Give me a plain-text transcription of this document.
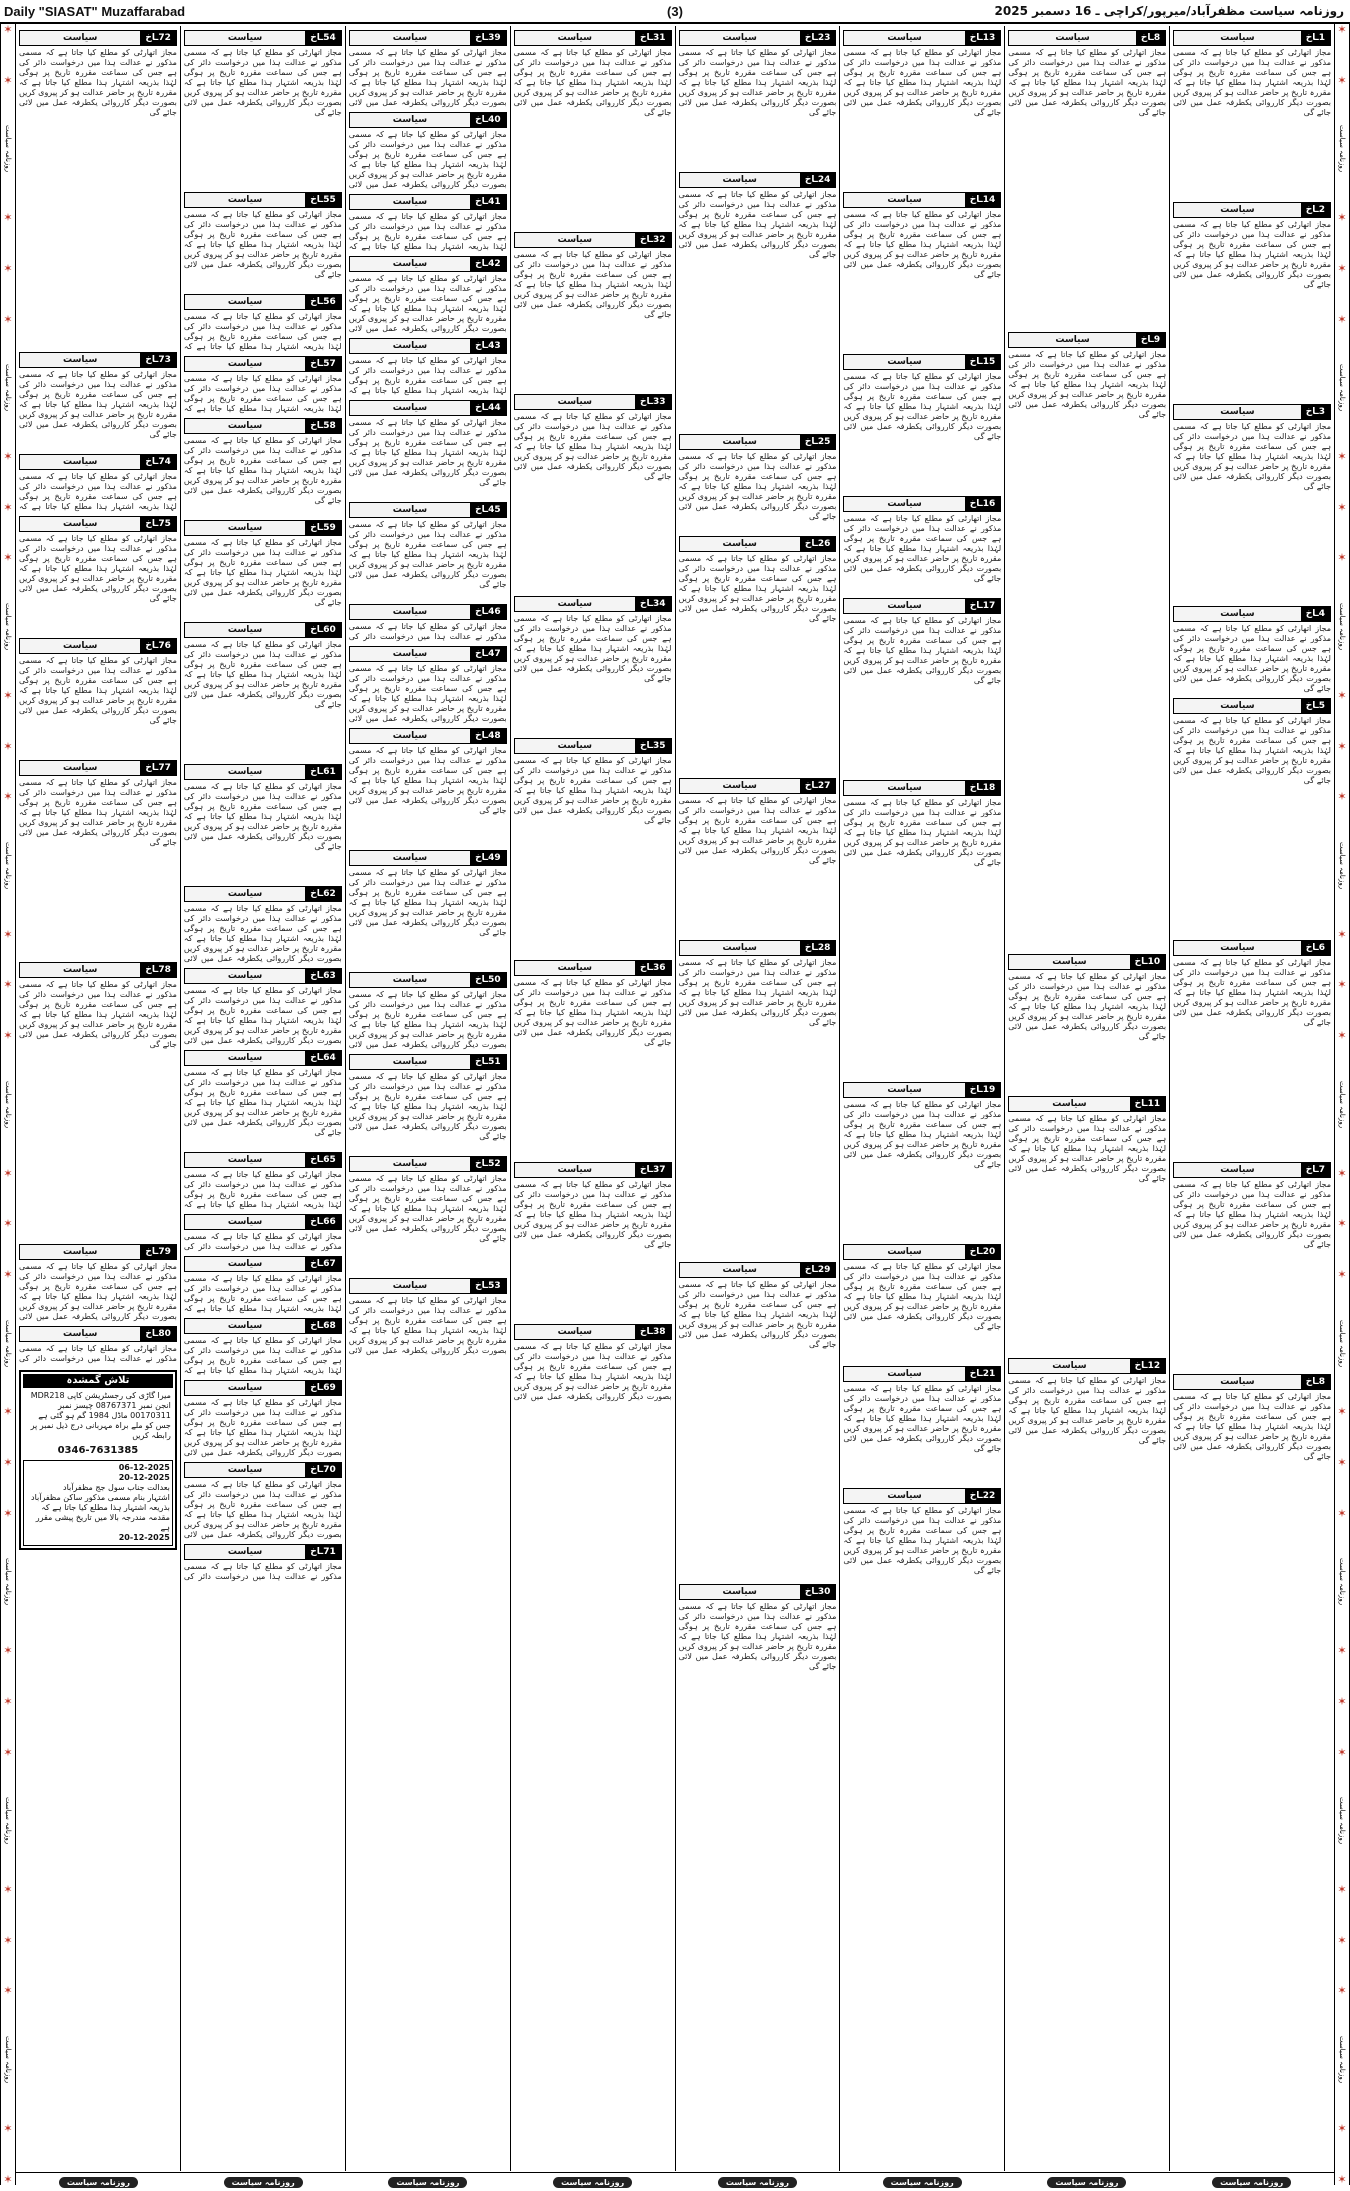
Daily "SIASAT" Muzaffarabad	(3)	روزنامہ سیاست مظفرآباد/میرپور/کراچی ـ 16 دسمبر 2025
✶
✶
روزنامہ سیاست
✶
✶
✶
روزنامہ سیاست
✶
✶
✶
روزنامہ سیاست
✶
✶
✶
روزنامہ سیاست
✶
✶
✶
روزنامہ سیاست
✶
✶
✶
روزنامہ سیاست
✶
✶
✶
روزنامہ سیاست
✶
✶
✶
روزنامہ سیاست
✶
✶
✶
روزنامہ سیاست
✶
✶
✶
✶
روزنامہ سیاست
✶
✶
✶
روزنامہ سیاست
✶
✶
✶
روزنامہ سیاست
✶
✶
✶
روزنامہ سیاست
✶
✶
✶
روزنامہ سیاست
✶
✶
✶
روزنامہ سیاست
✶
✶
✶
روزنامہ سیاست
✶
✶
✶
روزنامہ سیاست
✶
✶
✶
روزنامہ سیاست
✶
✶
سیاست	1ـاخ
مجاز اتھارٹی کو مطلع کیا جاتا ہے کہ مسمی مذکور نے عدالت ہذا میں درخواست دائر کی ہے جس کی سماعت مقررہ تاریخ پر ہوگی لہٰذا بذریعہ اشتہار ہذا مطلع کیا جاتا ہے کہ مقررہ تاریخ پر حاضر عدالت ہو کر پیروی کریں بصورت دیگر کارروائی یکطرفہ عمل میں لائی جائے گی
سیاست	2ـاخ
مجاز اتھارٹی کو مطلع کیا جاتا ہے کہ مسمی مذکور نے عدالت ہذا میں درخواست دائر کی ہے جس کی سماعت مقررہ تاریخ پر ہوگی لہٰذا بذریعہ اشتہار ہذا مطلع کیا جاتا ہے کہ مقررہ تاریخ پر حاضر عدالت ہو کر پیروی کریں بصورت دیگر کارروائی یکطرفہ عمل میں لائی جائے گی
سیاست	3ـاخ
مجاز اتھارٹی کو مطلع کیا جاتا ہے کہ مسمی مذکور نے عدالت ہذا میں درخواست دائر کی ہے جس کی سماعت مقررہ تاریخ پر ہوگی لہٰذا بذریعہ اشتہار ہذا مطلع کیا جاتا ہے کہ مقررہ تاریخ پر حاضر عدالت ہو کر پیروی کریں بصورت دیگر کارروائی یکطرفہ عمل میں لائی جائے گی
سیاست	4ـاخ
مجاز اتھارٹی کو مطلع کیا جاتا ہے کہ مسمی مذکور نے عدالت ہذا میں درخواست دائر کی ہے جس کی سماعت مقررہ تاریخ پر ہوگی لہٰذا بذریعہ اشتہار ہذا مطلع کیا جاتا ہے کہ مقررہ تاریخ پر حاضر عدالت ہو کر پیروی کریں بصورت دیگر کارروائی یکطرفہ عمل میں لائی جائے گی
سیاست	5ـاخ
مجاز اتھارٹی کو مطلع کیا جاتا ہے کہ مسمی مذکور نے عدالت ہذا میں درخواست دائر کی ہے جس کی سماعت مقررہ تاریخ پر ہوگی لہٰذا بذریعہ اشتہار ہذا مطلع کیا جاتا ہے کہ مقررہ تاریخ پر حاضر عدالت ہو کر پیروی کریں بصورت دیگر کارروائی یکطرفہ عمل میں لائی جائے گی
سیاست	6ـاخ
مجاز اتھارٹی کو مطلع کیا جاتا ہے کہ مسمی مذکور نے عدالت ہذا میں درخواست دائر کی ہے جس کی سماعت مقررہ تاریخ پر ہوگی لہٰذا بذریعہ اشتہار ہذا مطلع کیا جاتا ہے کہ مقررہ تاریخ پر حاضر عدالت ہو کر پیروی کریں بصورت دیگر کارروائی یکطرفہ عمل میں لائی جائے گی
سیاست	7ـاخ
مجاز اتھارٹی کو مطلع کیا جاتا ہے کہ مسمی مذکور نے عدالت ہذا میں درخواست دائر کی ہے جس کی سماعت مقررہ تاریخ پر ہوگی لہٰذا بذریعہ اشتہار ہذا مطلع کیا جاتا ہے کہ مقررہ تاریخ پر حاضر عدالت ہو کر پیروی کریں بصورت دیگر کارروائی یکطرفہ عمل میں لائی جائے گی
سیاست	8ـاخ
مجاز اتھارٹی کو مطلع کیا جاتا ہے کہ مسمی مذکور نے عدالت ہذا میں درخواست دائر کی ہے جس کی سماعت مقررہ تاریخ پر ہوگی لہٰذا بذریعہ اشتہار ہذا مطلع کیا جاتا ہے کہ مقررہ تاریخ پر حاضر عدالت ہو کر پیروی کریں بصورت دیگر کارروائی یکطرفہ عمل میں لائی جائے گی
سیاست	8ـاخ
مجاز اتھارٹی کو مطلع کیا جاتا ہے کہ مسمی مذکور نے عدالت ہذا میں درخواست دائر کی ہے جس کی سماعت مقررہ تاریخ پر ہوگی لہٰذا بذریعہ اشتہار ہذا مطلع کیا جاتا ہے کہ مقررہ تاریخ پر حاضر عدالت ہو کر پیروی کریں بصورت دیگر کارروائی یکطرفہ عمل میں لائی جائے گی
سیاست	9ـاخ
مجاز اتھارٹی کو مطلع کیا جاتا ہے کہ مسمی مذکور نے عدالت ہذا میں درخواست دائر کی ہے جس کی سماعت مقررہ تاریخ پر ہوگی لہٰذا بذریعہ اشتہار ہذا مطلع کیا جاتا ہے کہ مقررہ تاریخ پر حاضر عدالت ہو کر پیروی کریں بصورت دیگر کارروائی یکطرفہ عمل میں لائی جائے گی
سیاست	10ـاخ
مجاز اتھارٹی کو مطلع کیا جاتا ہے کہ مسمی مذکور نے عدالت ہذا میں درخواست دائر کی ہے جس کی سماعت مقررہ تاریخ پر ہوگی لہٰذا بذریعہ اشتہار ہذا مطلع کیا جاتا ہے کہ مقررہ تاریخ پر حاضر عدالت ہو کر پیروی کریں بصورت دیگر کارروائی یکطرفہ عمل میں لائی جائے گی
سیاست	11ـاخ
مجاز اتھارٹی کو مطلع کیا جاتا ہے کہ مسمی مذکور نے عدالت ہذا میں درخواست دائر کی ہے جس کی سماعت مقررہ تاریخ پر ہوگی لہٰذا بذریعہ اشتہار ہذا مطلع کیا جاتا ہے کہ مقررہ تاریخ پر حاضر عدالت ہو کر پیروی کریں بصورت دیگر کارروائی یکطرفہ عمل میں لائی جائے گی
سیاست	12ـاخ
مجاز اتھارٹی کو مطلع کیا جاتا ہے کہ مسمی مذکور نے عدالت ہذا میں درخواست دائر کی ہے جس کی سماعت مقررہ تاریخ پر ہوگی لہٰذا بذریعہ اشتہار ہذا مطلع کیا جاتا ہے کہ مقررہ تاریخ پر حاضر عدالت ہو کر پیروی کریں بصورت دیگر کارروائی یکطرفہ عمل میں لائی جائے گی
سیاست	13ـاخ
مجاز اتھارٹی کو مطلع کیا جاتا ہے کہ مسمی مذکور نے عدالت ہذا میں درخواست دائر کی ہے جس کی سماعت مقررہ تاریخ پر ہوگی لہٰذا بذریعہ اشتہار ہذا مطلع کیا جاتا ہے کہ مقررہ تاریخ پر حاضر عدالت ہو کر پیروی کریں بصورت دیگر کارروائی یکطرفہ عمل میں لائی جائے گی
سیاست	14ـاخ
مجاز اتھارٹی کو مطلع کیا جاتا ہے کہ مسمی مذکور نے عدالت ہذا میں درخواست دائر کی ہے جس کی سماعت مقررہ تاریخ پر ہوگی لہٰذا بذریعہ اشتہار ہذا مطلع کیا جاتا ہے کہ مقررہ تاریخ پر حاضر عدالت ہو کر پیروی کریں بصورت دیگر کارروائی یکطرفہ عمل میں لائی جائے گی
سیاست	15ـاخ
مجاز اتھارٹی کو مطلع کیا جاتا ہے کہ مسمی مذکور نے عدالت ہذا میں درخواست دائر کی ہے جس کی سماعت مقررہ تاریخ پر ہوگی لہٰذا بذریعہ اشتہار ہذا مطلع کیا جاتا ہے کہ مقررہ تاریخ پر حاضر عدالت ہو کر پیروی کریں بصورت دیگر کارروائی یکطرفہ عمل میں لائی جائے گی
سیاست	16ـاخ
مجاز اتھارٹی کو مطلع کیا جاتا ہے کہ مسمی مذکور نے عدالت ہذا میں درخواست دائر کی ہے جس کی سماعت مقررہ تاریخ پر ہوگی لہٰذا بذریعہ اشتہار ہذا مطلع کیا جاتا ہے کہ مقررہ تاریخ پر حاضر عدالت ہو کر پیروی کریں بصورت دیگر کارروائی یکطرفہ عمل میں لائی جائے گی
سیاست	17ـاخ
مجاز اتھارٹی کو مطلع کیا جاتا ہے کہ مسمی مذکور نے عدالت ہذا میں درخواست دائر کی ہے جس کی سماعت مقررہ تاریخ پر ہوگی لہٰذا بذریعہ اشتہار ہذا مطلع کیا جاتا ہے کہ مقررہ تاریخ پر حاضر عدالت ہو کر پیروی کریں بصورت دیگر کارروائی یکطرفہ عمل میں لائی جائے گی
سیاست	18ـاخ
مجاز اتھارٹی کو مطلع کیا جاتا ہے کہ مسمی مذکور نے عدالت ہذا میں درخواست دائر کی ہے جس کی سماعت مقررہ تاریخ پر ہوگی لہٰذا بذریعہ اشتہار ہذا مطلع کیا جاتا ہے کہ مقررہ تاریخ پر حاضر عدالت ہو کر پیروی کریں بصورت دیگر کارروائی یکطرفہ عمل میں لائی جائے گی
سیاست	19ـاخ
مجاز اتھارٹی کو مطلع کیا جاتا ہے کہ مسمی مذکور نے عدالت ہذا میں درخواست دائر کی ہے جس کی سماعت مقررہ تاریخ پر ہوگی لہٰذا بذریعہ اشتہار ہذا مطلع کیا جاتا ہے کہ مقررہ تاریخ پر حاضر عدالت ہو کر پیروی کریں بصورت دیگر کارروائی یکطرفہ عمل میں لائی جائے گی
سیاست	20ـاخ
مجاز اتھارٹی کو مطلع کیا جاتا ہے کہ مسمی مذکور نے عدالت ہذا میں درخواست دائر کی ہے جس کی سماعت مقررہ تاریخ پر ہوگی لہٰذا بذریعہ اشتہار ہذا مطلع کیا جاتا ہے کہ مقررہ تاریخ پر حاضر عدالت ہو کر پیروی کریں بصورت دیگر کارروائی یکطرفہ عمل میں لائی جائے گی
سیاست	21ـاخ
مجاز اتھارٹی کو مطلع کیا جاتا ہے کہ مسمی مذکور نے عدالت ہذا میں درخواست دائر کی ہے جس کی سماعت مقررہ تاریخ پر ہوگی لہٰذا بذریعہ اشتہار ہذا مطلع کیا جاتا ہے کہ مقررہ تاریخ پر حاضر عدالت ہو کر پیروی کریں بصورت دیگر کارروائی یکطرفہ عمل میں لائی جائے گی
سیاست	22ـاخ
مجاز اتھارٹی کو مطلع کیا جاتا ہے کہ مسمی مذکور نے عدالت ہذا میں درخواست دائر کی ہے جس کی سماعت مقررہ تاریخ پر ہوگی لہٰذا بذریعہ اشتہار ہذا مطلع کیا جاتا ہے کہ مقررہ تاریخ پر حاضر عدالت ہو کر پیروی کریں بصورت دیگر کارروائی یکطرفہ عمل میں لائی جائے گی
سیاست	23ـاخ
مجاز اتھارٹی کو مطلع کیا جاتا ہے کہ مسمی مذکور نے عدالت ہذا میں درخواست دائر کی ہے جس کی سماعت مقررہ تاریخ پر ہوگی لہٰذا بذریعہ اشتہار ہذا مطلع کیا جاتا ہے کہ مقررہ تاریخ پر حاضر عدالت ہو کر پیروی کریں بصورت دیگر کارروائی یکطرفہ عمل میں لائی جائے گی
سیاست	24ـاخ
مجاز اتھارٹی کو مطلع کیا جاتا ہے کہ مسمی مذکور نے عدالت ہذا میں درخواست دائر کی ہے جس کی سماعت مقررہ تاریخ پر ہوگی لہٰذا بذریعہ اشتہار ہذا مطلع کیا جاتا ہے کہ مقررہ تاریخ پر حاضر عدالت ہو کر پیروی کریں بصورت دیگر کارروائی یکطرفہ عمل میں لائی جائے گی
سیاست	25ـاخ
مجاز اتھارٹی کو مطلع کیا جاتا ہے کہ مسمی مذکور نے عدالت ہذا میں درخواست دائر کی ہے جس کی سماعت مقررہ تاریخ پر ہوگی لہٰذا بذریعہ اشتہار ہذا مطلع کیا جاتا ہے کہ مقررہ تاریخ پر حاضر عدالت ہو کر پیروی کریں بصورت دیگر کارروائی یکطرفہ عمل میں لائی جائے گی
سیاست	26ـاخ
مجاز اتھارٹی کو مطلع کیا جاتا ہے کہ مسمی مذکور نے عدالت ہذا میں درخواست دائر کی ہے جس کی سماعت مقررہ تاریخ پر ہوگی لہٰذا بذریعہ اشتہار ہذا مطلع کیا جاتا ہے کہ مقررہ تاریخ پر حاضر عدالت ہو کر پیروی کریں بصورت دیگر کارروائی یکطرفہ عمل میں لائی جائے گی
سیاست	27ـاخ
مجاز اتھارٹی کو مطلع کیا جاتا ہے کہ مسمی مذکور نے عدالت ہذا میں درخواست دائر کی ہے جس کی سماعت مقررہ تاریخ پر ہوگی لہٰذا بذریعہ اشتہار ہذا مطلع کیا جاتا ہے کہ مقررہ تاریخ پر حاضر عدالت ہو کر پیروی کریں بصورت دیگر کارروائی یکطرفہ عمل میں لائی جائے گی
سیاست	28ـاخ
مجاز اتھارٹی کو مطلع کیا جاتا ہے کہ مسمی مذکور نے عدالت ہذا میں درخواست دائر کی ہے جس کی سماعت مقررہ تاریخ پر ہوگی لہٰذا بذریعہ اشتہار ہذا مطلع کیا جاتا ہے کہ مقررہ تاریخ پر حاضر عدالت ہو کر پیروی کریں بصورت دیگر کارروائی یکطرفہ عمل میں لائی جائے گی
سیاست	29ـاخ
مجاز اتھارٹی کو مطلع کیا جاتا ہے کہ مسمی مذکور نے عدالت ہذا میں درخواست دائر کی ہے جس کی سماعت مقررہ تاریخ پر ہوگی لہٰذا بذریعہ اشتہار ہذا مطلع کیا جاتا ہے کہ مقررہ تاریخ پر حاضر عدالت ہو کر پیروی کریں بصورت دیگر کارروائی یکطرفہ عمل میں لائی جائے گی
سیاست	30ـاخ
مجاز اتھارٹی کو مطلع کیا جاتا ہے کہ مسمی مذکور نے عدالت ہذا میں درخواست دائر کی ہے جس کی سماعت مقررہ تاریخ پر ہوگی لہٰذا بذریعہ اشتہار ہذا مطلع کیا جاتا ہے کہ مقررہ تاریخ پر حاضر عدالت ہو کر پیروی کریں بصورت دیگر کارروائی یکطرفہ عمل میں لائی جائے گی
سیاست	31ـاخ
مجاز اتھارٹی کو مطلع کیا جاتا ہے کہ مسمی مذکور نے عدالت ہذا میں درخواست دائر کی ہے جس کی سماعت مقررہ تاریخ پر ہوگی لہٰذا بذریعہ اشتہار ہذا مطلع کیا جاتا ہے کہ مقررہ تاریخ پر حاضر عدالت ہو کر پیروی کریں بصورت دیگر کارروائی یکطرفہ عمل میں لائی جائے گی
سیاست	32ـاخ
مجاز اتھارٹی کو مطلع کیا جاتا ہے کہ مسمی مذکور نے عدالت ہذا میں درخواست دائر کی ہے جس کی سماعت مقررہ تاریخ پر ہوگی لہٰذا بذریعہ اشتہار ہذا مطلع کیا جاتا ہے کہ مقررہ تاریخ پر حاضر عدالت ہو کر پیروی کریں بصورت دیگر کارروائی یکطرفہ عمل میں لائی جائے گی
سیاست	33ـاخ
مجاز اتھارٹی کو مطلع کیا جاتا ہے کہ مسمی مذکور نے عدالت ہذا میں درخواست دائر کی ہے جس کی سماعت مقررہ تاریخ پر ہوگی لہٰذا بذریعہ اشتہار ہذا مطلع کیا جاتا ہے کہ مقررہ تاریخ پر حاضر عدالت ہو کر پیروی کریں بصورت دیگر کارروائی یکطرفہ عمل میں لائی جائے گی
سیاست	34ـاخ
مجاز اتھارٹی کو مطلع کیا جاتا ہے کہ مسمی مذکور نے عدالت ہذا میں درخواست دائر کی ہے جس کی سماعت مقررہ تاریخ پر ہوگی لہٰذا بذریعہ اشتہار ہذا مطلع کیا جاتا ہے کہ مقررہ تاریخ پر حاضر عدالت ہو کر پیروی کریں بصورت دیگر کارروائی یکطرفہ عمل میں لائی جائے گی
سیاست	35ـاخ
مجاز اتھارٹی کو مطلع کیا جاتا ہے کہ مسمی مذکور نے عدالت ہذا میں درخواست دائر کی ہے جس کی سماعت مقررہ تاریخ پر ہوگی لہٰذا بذریعہ اشتہار ہذا مطلع کیا جاتا ہے کہ مقررہ تاریخ پر حاضر عدالت ہو کر پیروی کریں بصورت دیگر کارروائی یکطرفہ عمل میں لائی جائے گی
سیاست	36ـاخ
مجاز اتھارٹی کو مطلع کیا جاتا ہے کہ مسمی مذکور نے عدالت ہذا میں درخواست دائر کی ہے جس کی سماعت مقررہ تاریخ پر ہوگی لہٰذا بذریعہ اشتہار ہذا مطلع کیا جاتا ہے کہ مقررہ تاریخ پر حاضر عدالت ہو کر پیروی کریں بصورت دیگر کارروائی یکطرفہ عمل میں لائی جائے گی
سیاست	37ـاخ
مجاز اتھارٹی کو مطلع کیا جاتا ہے کہ مسمی مذکور نے عدالت ہذا میں درخواست دائر کی ہے جس کی سماعت مقررہ تاریخ پر ہوگی لہٰذا بذریعہ اشتہار ہذا مطلع کیا جاتا ہے کہ مقررہ تاریخ پر حاضر عدالت ہو کر پیروی کریں بصورت دیگر کارروائی یکطرفہ عمل میں لائی جائے گی
سیاست	38ـاخ
مجاز اتھارٹی کو مطلع کیا جاتا ہے کہ مسمی مذکور نے عدالت ہذا میں درخواست دائر کی ہے جس کی سماعت مقررہ تاریخ پر ہوگی لہٰذا بذریعہ اشتہار ہذا مطلع کیا جاتا ہے کہ مقررہ تاریخ پر حاضر عدالت ہو کر پیروی کریں بصورت دیگر کارروائی یکطرفہ عمل میں لائی
سیاست	39ـاخ
مجاز اتھارٹی کو مطلع کیا جاتا ہے کہ مسمی مذکور نے عدالت ہذا میں درخواست دائر کی ہے جس کی سماعت مقررہ تاریخ پر ہوگی لہٰذا بذریعہ اشتہار ہذا مطلع کیا جاتا ہے کہ مقررہ تاریخ پر حاضر عدالت ہو کر پیروی کریں بصورت دیگر کارروائی یکطرفہ عمل میں لائی
سیاست	40ـاخ
مجاز اتھارٹی کو مطلع کیا جاتا ہے کہ مسمی مذکور نے عدالت ہذا میں درخواست دائر کی ہے جس کی سماعت مقررہ تاریخ پر ہوگی لہٰذا بذریعہ اشتہار ہذا مطلع کیا جاتا ہے کہ مقررہ تاریخ پر حاضر عدالت ہو کر پیروی کریں بصورت دیگر کارروائی یکطرفہ عمل میں لائی
سیاست	41ـاخ
مجاز اتھارٹی کو مطلع کیا جاتا ہے کہ مسمی مذکور نے عدالت ہذا میں درخواست دائر کی ہے جس کی سماعت مقررہ تاریخ پر ہوگی لہٰذا بذریعہ اشتہار ہذا مطلع کیا جاتا ہے کہ
سیاست	42ـاخ
مجاز اتھارٹی کو مطلع کیا جاتا ہے کہ مسمی مذکور نے عدالت ہذا میں درخواست دائر کی ہے جس کی سماعت مقررہ تاریخ پر ہوگی لہٰذا بذریعہ اشتہار ہذا مطلع کیا جاتا ہے کہ مقررہ تاریخ پر حاضر عدالت ہو کر پیروی کریں بصورت دیگر کارروائی یکطرفہ عمل میں لائی
سیاست	43ـاخ
مجاز اتھارٹی کو مطلع کیا جاتا ہے کہ مسمی مذکور نے عدالت ہذا میں درخواست دائر کی ہے جس کی سماعت مقررہ تاریخ پر ہوگی لہٰذا بذریعہ اشتہار ہذا مطلع کیا جاتا ہے کہ
سیاست	44ـاخ
مجاز اتھارٹی کو مطلع کیا جاتا ہے کہ مسمی مذکور نے عدالت ہذا میں درخواست دائر کی ہے جس کی سماعت مقررہ تاریخ پر ہوگی لہٰذا بذریعہ اشتہار ہذا مطلع کیا جاتا ہے کہ مقررہ تاریخ پر حاضر عدالت ہو کر پیروی کریں بصورت دیگر کارروائی یکطرفہ عمل میں لائی جائے گی
سیاست	45ـاخ
مجاز اتھارٹی کو مطلع کیا جاتا ہے کہ مسمی مذکور نے عدالت ہذا میں درخواست دائر کی ہے جس کی سماعت مقررہ تاریخ پر ہوگی لہٰذا بذریعہ اشتہار ہذا مطلع کیا جاتا ہے کہ مقررہ تاریخ پر حاضر عدالت ہو کر پیروی کریں بصورت دیگر کارروائی یکطرفہ عمل میں لائی جائے گی
سیاست	46ـاخ
مجاز اتھارٹی کو مطلع کیا جاتا ہے کہ مسمی مذکور نے عدالت ہذا میں درخواست دائر کی
سیاست	47ـاخ
مجاز اتھارٹی کو مطلع کیا جاتا ہے کہ مسمی مذکور نے عدالت ہذا میں درخواست دائر کی ہے جس کی سماعت مقررہ تاریخ پر ہوگی لہٰذا بذریعہ اشتہار ہذا مطلع کیا جاتا ہے کہ مقررہ تاریخ پر حاضر عدالت ہو کر پیروی کریں بصورت دیگر کارروائی یکطرفہ عمل میں لائی
سیاست	48ـاخ
مجاز اتھارٹی کو مطلع کیا جاتا ہے کہ مسمی مذکور نے عدالت ہذا میں درخواست دائر کی ہے جس کی سماعت مقررہ تاریخ پر ہوگی لہٰذا بذریعہ اشتہار ہذا مطلع کیا جاتا ہے کہ مقررہ تاریخ پر حاضر عدالت ہو کر پیروی کریں بصورت دیگر کارروائی یکطرفہ عمل میں لائی جائے گی
سیاست	49ـاخ
مجاز اتھارٹی کو مطلع کیا جاتا ہے کہ مسمی مذکور نے عدالت ہذا میں درخواست دائر کی ہے جس کی سماعت مقررہ تاریخ پر ہوگی لہٰذا بذریعہ اشتہار ہذا مطلع کیا جاتا ہے کہ مقررہ تاریخ پر حاضر عدالت ہو کر پیروی کریں بصورت دیگر کارروائی یکطرفہ عمل میں لائی جائے گی
سیاست	50ـاخ
مجاز اتھارٹی کو مطلع کیا جاتا ہے کہ مسمی مذکور نے عدالت ہذا میں درخواست دائر کی ہے جس کی سماعت مقررہ تاریخ پر ہوگی لہٰذا بذریعہ اشتہار ہذا مطلع کیا جاتا ہے کہ مقررہ تاریخ پر حاضر عدالت ہو کر پیروی کریں بصورت دیگر کارروائی یکطرفہ عمل میں لائی
سیاست	51ـاخ
مجاز اتھارٹی کو مطلع کیا جاتا ہے کہ مسمی مذکور نے عدالت ہذا میں درخواست دائر کی ہے جس کی سماعت مقررہ تاریخ پر ہوگی لہٰذا بذریعہ اشتہار ہذا مطلع کیا جاتا ہے کہ مقررہ تاریخ پر حاضر عدالت ہو کر پیروی کریں بصورت دیگر کارروائی یکطرفہ عمل میں لائی جائے گی
سیاست	52ـاخ
مجاز اتھارٹی کو مطلع کیا جاتا ہے کہ مسمی مذکور نے عدالت ہذا میں درخواست دائر کی ہے جس کی سماعت مقررہ تاریخ پر ہوگی لہٰذا بذریعہ اشتہار ہذا مطلع کیا جاتا ہے کہ مقررہ تاریخ پر حاضر عدالت ہو کر پیروی کریں بصورت دیگر کارروائی یکطرفہ عمل میں لائی جائے گی
سیاست	53ـاخ
مجاز اتھارٹی کو مطلع کیا جاتا ہے کہ مسمی مذکور نے عدالت ہذا میں درخواست دائر کی ہے جس کی سماعت مقررہ تاریخ پر ہوگی لہٰذا بذریعہ اشتہار ہذا مطلع کیا جاتا ہے کہ مقررہ تاریخ پر حاضر عدالت ہو کر پیروی کریں بصورت دیگر کارروائی یکطرفہ عمل میں لائی
سیاست	54ـاخ
مجاز اتھارٹی کو مطلع کیا جاتا ہے کہ مسمی مذکور نے عدالت ہذا میں درخواست دائر کی ہے جس کی سماعت مقررہ تاریخ پر ہوگی لہٰذا بذریعہ اشتہار ہذا مطلع کیا جاتا ہے کہ مقررہ تاریخ پر حاضر عدالت ہو کر پیروی کریں بصورت دیگر کارروائی یکطرفہ عمل میں لائی جائے گی
سیاست	55ـاخ
مجاز اتھارٹی کو مطلع کیا جاتا ہے کہ مسمی مذکور نے عدالت ہذا میں درخواست دائر کی ہے جس کی سماعت مقررہ تاریخ پر ہوگی لہٰذا بذریعہ اشتہار ہذا مطلع کیا جاتا ہے کہ مقررہ تاریخ پر حاضر عدالت ہو کر پیروی کریں بصورت دیگر کارروائی یکطرفہ عمل میں لائی جائے گی
سیاست	56ـاخ
مجاز اتھارٹی کو مطلع کیا جاتا ہے کہ مسمی مذکور نے عدالت ہذا میں درخواست دائر کی ہے جس کی سماعت مقررہ تاریخ پر ہوگی لہٰذا بذریعہ اشتہار ہذا مطلع کیا جاتا ہے کہ
سیاست	57ـاخ
مجاز اتھارٹی کو مطلع کیا جاتا ہے کہ مسمی مذکور نے عدالت ہذا میں درخواست دائر کی ہے جس کی سماعت مقررہ تاریخ پر ہوگی لہٰذا بذریعہ اشتہار ہذا مطلع کیا جاتا ہے کہ
سیاست	58ـاخ
مجاز اتھارٹی کو مطلع کیا جاتا ہے کہ مسمی مذکور نے عدالت ہذا میں درخواست دائر کی ہے جس کی سماعت مقررہ تاریخ پر ہوگی لہٰذا بذریعہ اشتہار ہذا مطلع کیا جاتا ہے کہ مقررہ تاریخ پر حاضر عدالت ہو کر پیروی کریں بصورت دیگر کارروائی یکطرفہ عمل میں لائی جائے گی
سیاست	59ـاخ
مجاز اتھارٹی کو مطلع کیا جاتا ہے کہ مسمی مذکور نے عدالت ہذا میں درخواست دائر کی ہے جس کی سماعت مقررہ تاریخ پر ہوگی لہٰذا بذریعہ اشتہار ہذا مطلع کیا جاتا ہے کہ مقررہ تاریخ پر حاضر عدالت ہو کر پیروی کریں بصورت دیگر کارروائی یکطرفہ عمل میں لائی جائے گی
سیاست	60ـاخ
مجاز اتھارٹی کو مطلع کیا جاتا ہے کہ مسمی مذکور نے عدالت ہذا میں درخواست دائر کی ہے جس کی سماعت مقررہ تاریخ پر ہوگی لہٰذا بذریعہ اشتہار ہذا مطلع کیا جاتا ہے کہ مقررہ تاریخ پر حاضر عدالت ہو کر پیروی کریں بصورت دیگر کارروائی یکطرفہ عمل میں لائی جائے گی
سیاست	61ـاخ
مجاز اتھارٹی کو مطلع کیا جاتا ہے کہ مسمی مذکور نے عدالت ہذا میں درخواست دائر کی ہے جس کی سماعت مقررہ تاریخ پر ہوگی لہٰذا بذریعہ اشتہار ہذا مطلع کیا جاتا ہے کہ مقررہ تاریخ پر حاضر عدالت ہو کر پیروی کریں بصورت دیگر کارروائی یکطرفہ عمل میں لائی جائے گی
سیاست	62ـاخ
مجاز اتھارٹی کو مطلع کیا جاتا ہے کہ مسمی مذکور نے عدالت ہذا میں درخواست دائر کی ہے جس کی سماعت مقررہ تاریخ پر ہوگی لہٰذا بذریعہ اشتہار ہذا مطلع کیا جاتا ہے کہ مقررہ تاریخ پر حاضر عدالت ہو کر پیروی کریں بصورت دیگر کارروائی یکطرفہ عمل میں لائی
سیاست	63ـاخ
مجاز اتھارٹی کو مطلع کیا جاتا ہے کہ مسمی مذکور نے عدالت ہذا میں درخواست دائر کی ہے جس کی سماعت مقررہ تاریخ پر ہوگی لہٰذا بذریعہ اشتہار ہذا مطلع کیا جاتا ہے کہ مقررہ تاریخ پر حاضر عدالت ہو کر پیروی کریں بصورت دیگر کارروائی یکطرفہ عمل میں لائی
سیاست	64ـاخ
مجاز اتھارٹی کو مطلع کیا جاتا ہے کہ مسمی مذکور نے عدالت ہذا میں درخواست دائر کی ہے جس کی سماعت مقررہ تاریخ پر ہوگی لہٰذا بذریعہ اشتہار ہذا مطلع کیا جاتا ہے کہ مقررہ تاریخ پر حاضر عدالت ہو کر پیروی کریں بصورت دیگر کارروائی یکطرفہ عمل میں لائی جائے گی
سیاست	65ـاخ
مجاز اتھارٹی کو مطلع کیا جاتا ہے کہ مسمی مذکور نے عدالت ہذا میں درخواست دائر کی ہے جس کی سماعت مقررہ تاریخ پر ہوگی لہٰذا بذریعہ اشتہار ہذا مطلع کیا جاتا ہے کہ
سیاست	66ـاخ
مجاز اتھارٹی کو مطلع کیا جاتا ہے کہ مسمی مذکور نے عدالت ہذا میں درخواست دائر کی
سیاست	67ـاخ
مجاز اتھارٹی کو مطلع کیا جاتا ہے کہ مسمی مذکور نے عدالت ہذا میں درخواست دائر کی ہے جس کی سماعت مقررہ تاریخ پر ہوگی لہٰذا بذریعہ اشتہار ہذا مطلع کیا جاتا ہے کہ
سیاست	68ـاخ
مجاز اتھارٹی کو مطلع کیا جاتا ہے کہ مسمی مذکور نے عدالت ہذا میں درخواست دائر کی ہے جس کی سماعت مقررہ تاریخ پر ہوگی لہٰذا بذریعہ اشتہار ہذا مطلع کیا جاتا ہے کہ
سیاست	69ـاخ
مجاز اتھارٹی کو مطلع کیا جاتا ہے کہ مسمی مذکور نے عدالت ہذا میں درخواست دائر کی ہے جس کی سماعت مقررہ تاریخ پر ہوگی لہٰذا بذریعہ اشتہار ہذا مطلع کیا جاتا ہے کہ مقررہ تاریخ پر حاضر عدالت ہو کر پیروی کریں بصورت دیگر کارروائی یکطرفہ عمل میں لائی
سیاست	70ـاخ
مجاز اتھارٹی کو مطلع کیا جاتا ہے کہ مسمی مذکور نے عدالت ہذا میں درخواست دائر کی ہے جس کی سماعت مقررہ تاریخ پر ہوگی لہٰذا بذریعہ اشتہار ہذا مطلع کیا جاتا ہے کہ مقررہ تاریخ پر حاضر عدالت ہو کر پیروی کریں بصورت دیگر کارروائی یکطرفہ عمل میں لائی
سیاست	71ـاخ
مجاز اتھارٹی کو مطلع کیا جاتا ہے کہ مسمی مذکور نے عدالت ہذا میں درخواست دائر کی
سیاست	72ـاخ
مجاز اتھارٹی کو مطلع کیا جاتا ہے کہ مسمی مذکور نے عدالت ہذا میں درخواست دائر کی ہے جس کی سماعت مقررہ تاریخ پر ہوگی لہٰذا بذریعہ اشتہار ہذا مطلع کیا جاتا ہے کہ مقررہ تاریخ پر حاضر عدالت ہو کر پیروی کریں بصورت دیگر کارروائی یکطرفہ عمل میں لائی جائے گی
سیاست	73ـاخ
مجاز اتھارٹی کو مطلع کیا جاتا ہے کہ مسمی مذکور نے عدالت ہذا میں درخواست دائر کی ہے جس کی سماعت مقررہ تاریخ پر ہوگی لہٰذا بذریعہ اشتہار ہذا مطلع کیا جاتا ہے کہ مقررہ تاریخ پر حاضر عدالت ہو کر پیروی کریں بصورت دیگر کارروائی یکطرفہ عمل میں لائی جائے گی
سیاست	74ـاخ
مجاز اتھارٹی کو مطلع کیا جاتا ہے کہ مسمی مذکور نے عدالت ہذا میں درخواست دائر کی ہے جس کی سماعت مقررہ تاریخ پر ہوگی لہٰذا بذریعہ اشتہار ہذا مطلع کیا جاتا ہے کہ
سیاست	75ـاخ
مجاز اتھارٹی کو مطلع کیا جاتا ہے کہ مسمی مذکور نے عدالت ہذا میں درخواست دائر کی ہے جس کی سماعت مقررہ تاریخ پر ہوگی لہٰذا بذریعہ اشتہار ہذا مطلع کیا جاتا ہے کہ مقررہ تاریخ پر حاضر عدالت ہو کر پیروی کریں بصورت دیگر کارروائی یکطرفہ عمل میں لائی جائے گی
سیاست	76ـاخ
مجاز اتھارٹی کو مطلع کیا جاتا ہے کہ مسمی مذکور نے عدالت ہذا میں درخواست دائر کی ہے جس کی سماعت مقررہ تاریخ پر ہوگی لہٰذا بذریعہ اشتہار ہذا مطلع کیا جاتا ہے کہ مقررہ تاریخ پر حاضر عدالت ہو کر پیروی کریں بصورت دیگر کارروائی یکطرفہ عمل میں لائی جائے گی
سیاست	77ـاخ
مجاز اتھارٹی کو مطلع کیا جاتا ہے کہ مسمی مذکور نے عدالت ہذا میں درخواست دائر کی ہے جس کی سماعت مقررہ تاریخ پر ہوگی لہٰذا بذریعہ اشتہار ہذا مطلع کیا جاتا ہے کہ مقررہ تاریخ پر حاضر عدالت ہو کر پیروی کریں بصورت دیگر کارروائی یکطرفہ عمل میں لائی جائے گی
سیاست	78ـاخ
مجاز اتھارٹی کو مطلع کیا جاتا ہے کہ مسمی مذکور نے عدالت ہذا میں درخواست دائر کی ہے جس کی سماعت مقررہ تاریخ پر ہوگی لہٰذا بذریعہ اشتہار ہذا مطلع کیا جاتا ہے کہ مقررہ تاریخ پر حاضر عدالت ہو کر پیروی کریں بصورت دیگر کارروائی یکطرفہ عمل میں لائی جائے گی
سیاست	79ـاخ
مجاز اتھارٹی کو مطلع کیا جاتا ہے کہ مسمی مذکور نے عدالت ہذا میں درخواست دائر کی ہے جس کی سماعت مقررہ تاریخ پر ہوگی لہٰذا بذریعہ اشتہار ہذا مطلع کیا جاتا ہے کہ مقررہ تاریخ پر حاضر عدالت ہو کر پیروی کریں بصورت دیگر کارروائی یکطرفہ عمل میں لائی
سیاست	80ـاخ
مجاز اتھارٹی کو مطلع کیا جاتا ہے کہ مسمی مذکور نے عدالت ہذا میں درخواست دائر کی
تلاش گمشدہ
میرا گاڑی کی رجسٹریشن کاپی MDR218 انجن نمبر 08767371 چیسز نمبر 00170311 ماڈل 1984 گم ہو گئی ہے جس کو ملے براہ مہربانی درج ذیل نمبر پر رابطہ کریں
0346-7631385
06-12-2025
20-12-2025
بعدالت جناب سول جج مظفرآباد
اشتہار بنام مسمی مذکور ساکن مظفرآباد بذریعہ اشتہار ہذا مطلع کیا جاتا ہے کہ مقدمہ مندرجہ بالا میں تاریخ پیشی مقرر ہے
20-12-2025
روزنامہ سیاست
روزنامہ سیاست
روزنامہ سیاست
روزنامہ سیاست
روزنامہ سیاست
روزنامہ سیاست
روزنامہ سیاست
روزنامہ سیاست
